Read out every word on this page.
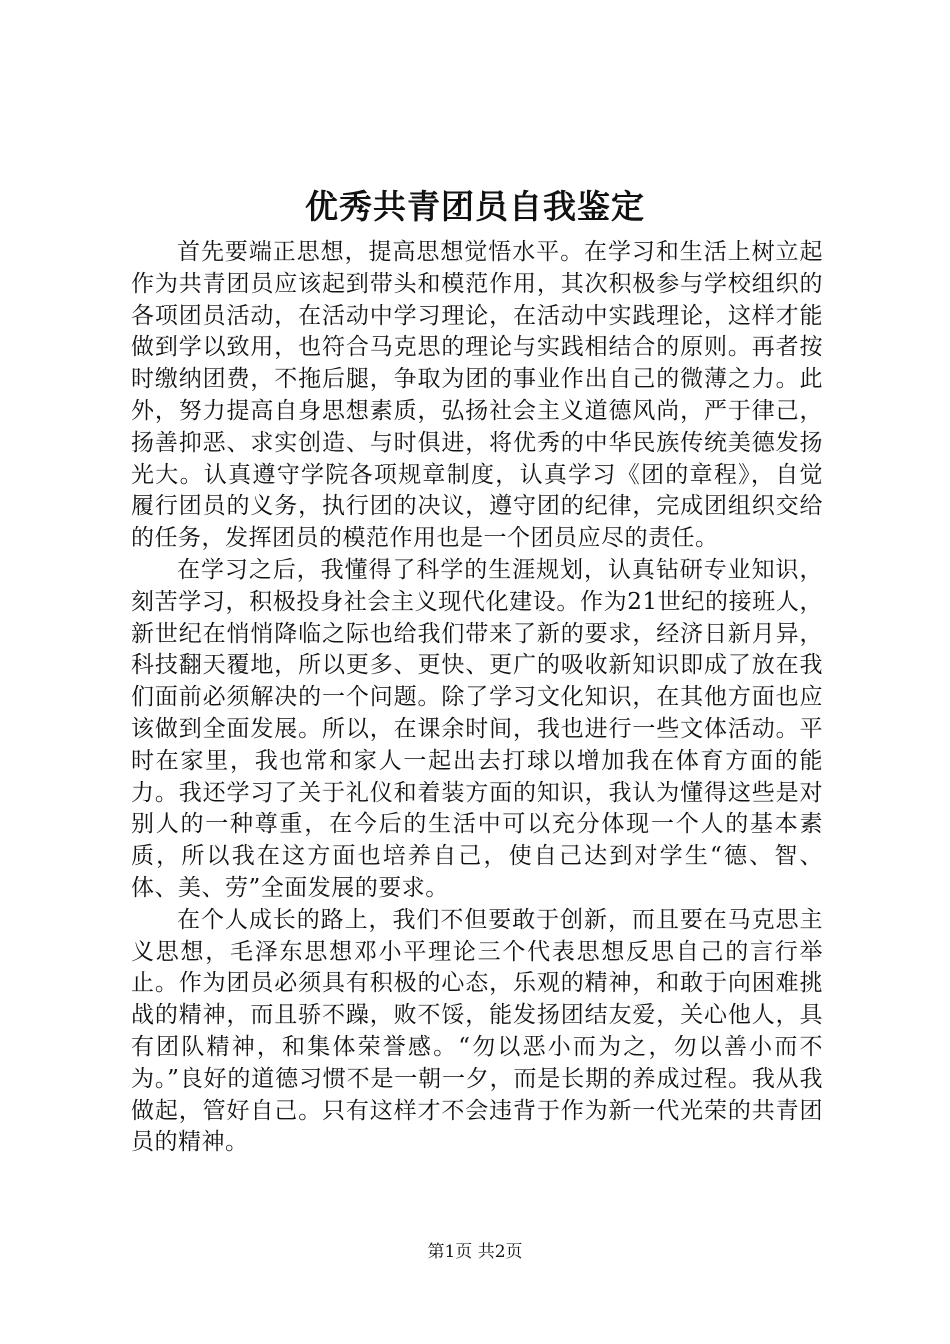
优秀共青团员自我鉴定

首先要端正思想，提高思想觉悟水平。在学习和生活上树立起作为共青团员应该起到带头和模范作用，其次积极参与学校组织的各项团员活动，在活动中学习理论，在活动中实践理论，这样才能做到学以致用，也符合马克思的理论与实践相结合的原则。再者按时缴纳团费，不拖后腿，争取为团的事业作出自己的微薄之力。此外，努力提高自身思想素质，弘扬社会主义道德风尚，严于律己，扬善抑恶、求实创造、与时俱进，将优秀的中华民族传统美德发扬光大。认真遵守学院各项规章制度，认真学习《团的章程》，自觉履行团员的义务，执行团的决议，遵守团的纪律，完成团组织交给的任务，发挥团员的模范作用也是一个团员应尽的责任。

在学习之后，我懂得了科学的生涯规划，认真钻研专业知识，刻苦学习，积极投身社会主义现代化建设。作为21世纪的接班人，新世纪在悄悄降临之际也给我们带来了新的要求，经济日新月异，科技翻天覆地，所以更多、更快、更广的吸收新知识即成了放在我们面前必须解决的一个问题。除了学习文化知识，在其他方面也应该做到全面发展。所以，在课余时间，我也进行一些文体活动。平时在家里，我也常和家人一起出去打球以增加我在体育方面的能力。我还学习了关于礼仪和着装方面的知识，我认为懂得这些是对别人的一种尊重，在今后的生活中可以充分体现一个人的基本素质，所以我在这方面也培养自己，使自己达到对学生“德、智、体、美、劳”全面发展的要求。

在个人成长的路上，我们不但要敢于创新，而且要在马克思主义思想，毛泽东思想邓小平理论三个代表思想反思自己的言行举止。作为团员必须具有积极的心态，乐观的精神，和敢于向困难挑战的精神，而且骄不躁，败不馁，能发扬团结友爱，关心他人，具有团队精神，和集体荣誉感。“勿以恶小而为之，勿以善小而不为。”良好的道德习惯不是一朝一夕，而是长期的养成过程。我从我做起，管好自己。只有这样才不会违背于作为新一代光荣的共青团员的精神。

第1页 共2页
